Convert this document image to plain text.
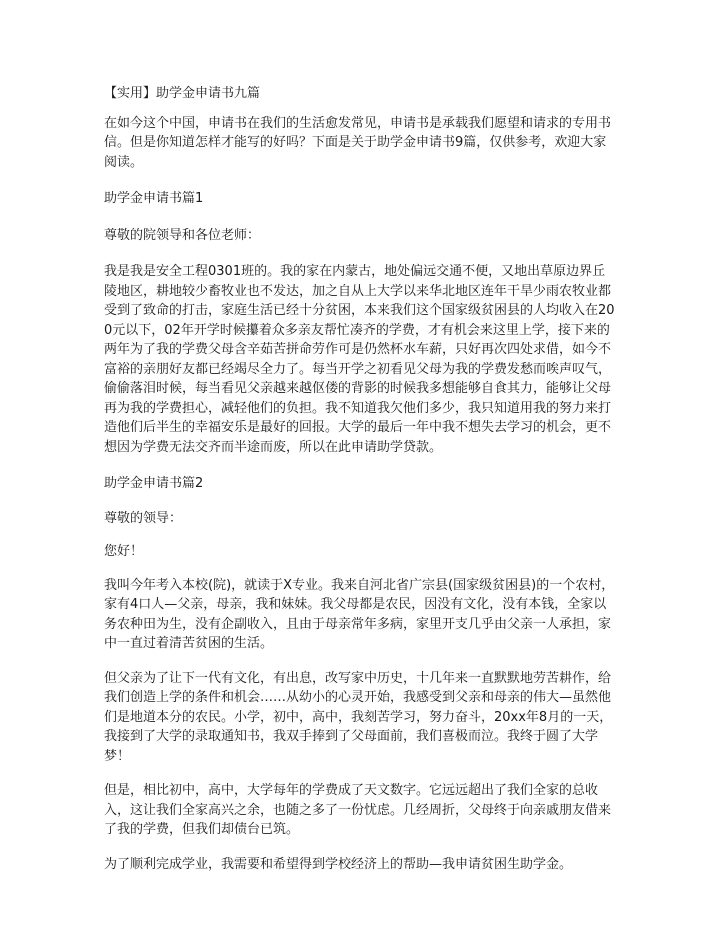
【实用】助学金申请书九篇

在如今这个中国，申请书在我们的生活愈发常见，申请书是承载我们愿望和请求的专用书信。但是你知道怎样才能写的好吗？下面是关于助学金申请书9篇，仅供参考，欢迎大家阅读。

助学金申请书篇1

尊敬的院领导和各位老师：

我是我是安全工程0301班的。我的家在内蒙古，地处偏远交通不便，又地出草原边界丘陵地区，耕地较少畜牧业也不发达，加之自从上大学以来华北地区连年干旱少雨农牧业都受到了致命的打击，家庭生活已经十分贫困，本来我们这个国家级贫困县的人均收入在200元以下，02年开学时候攥着众多亲友帮忙凑齐的学费，才有机会来这里上学，接下来的两年为了我的学费父母含辛茹苦拼命劳作可是仍然杯水车薪，只好再次四处求借，如今不富裕的亲朋好友都已经竭尽全力了。每当开学之初看见父母为我的学费发愁而唉声叹气，偷偷落泪时候，每当看见父亲越来越伛偻的背影的时候我多想能够自食其力，能够让父母再为我的学费担心，减轻他们的负担。我不知道我欠他们多少，我只知道用我的努力来打造他们后半生的幸福安乐是最好的回报。大学的最后一年中我不想失去学习的机会，更不想因为学费无法交齐而半途而废，所以在此申请助学贷款。

助学金申请书篇2

尊敬的领导：

您好！

我叫今年考入本校(院)，就读于X专业。我来自河北省广宗县(国家级贫困县)的一个农村，家有4口人—父亲，母亲，我和妹妹。我父母都是农民，因没有文化，没有本钱，全家以务农种田为生，没有企副收入，且由于母亲常年多病，家里开支几乎由父亲一人承担，家中一直过着清苦贫困的生活。

但父亲为了让下一代有文化，有出息，改写家中历史，十几年来一直默默地劳苦耕作，给我们创造上学的条件和机会……从幼小的心灵开始，我感受到父亲和母亲的伟大—虽然他们是地道本分的农民。小学，初中，高中，我刻苦学习，努力奋斗，20xx年8月的一天，我接到了大学的录取通知书，我双手捧到了父母面前，我们喜极而泣。我终于圆了大学梦！

但是，相比初中，高中，大学每年的学费成了天文数字。它远远超出了我们全家的总收入，这让我们全家高兴之余，也随之多了一份忧虑。几经周折，父母终于向亲戚朋友借来了我的学费，但我们却债台已筑。

为了顺利完成学业，我需要和希望得到学校经济上的帮助—我申请贫困生助学金。
